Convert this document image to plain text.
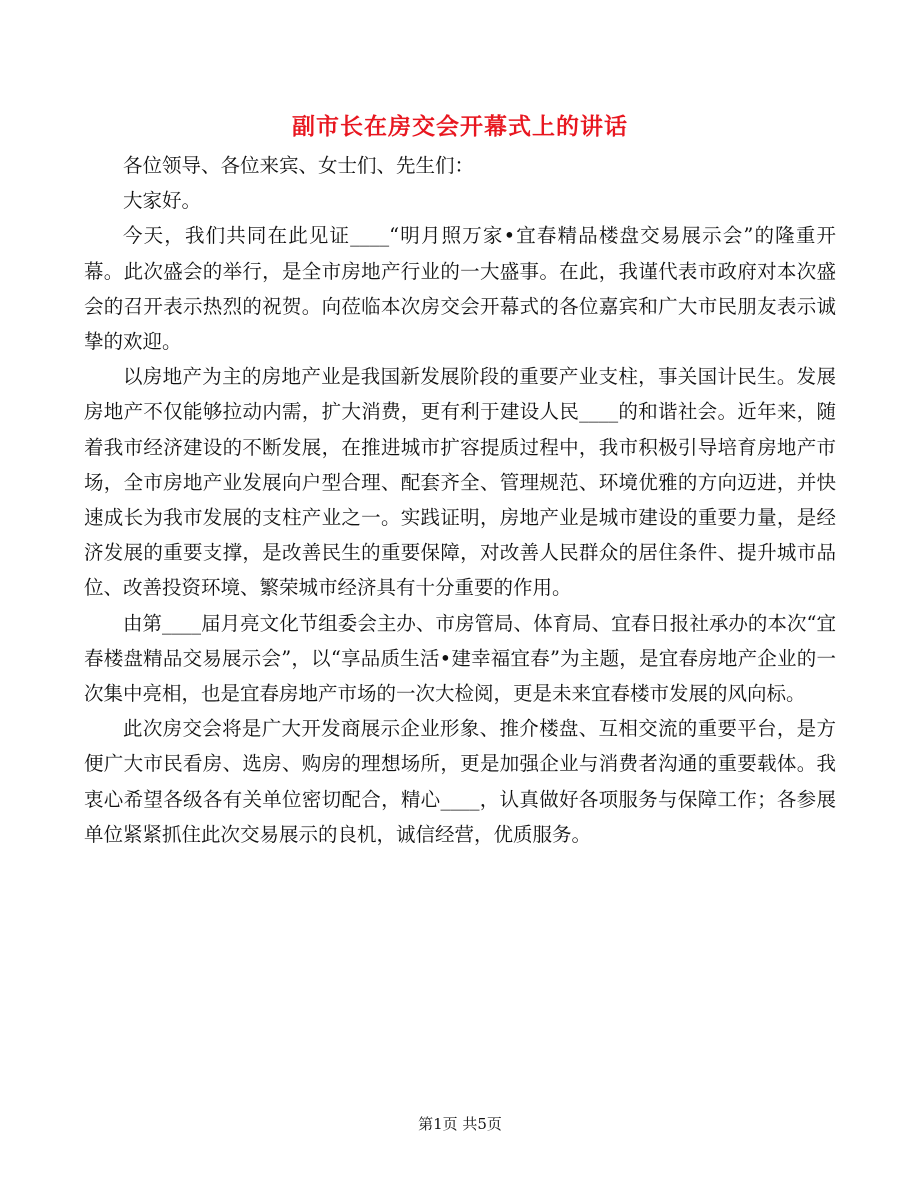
副市长在房交会开幕式上的讲话

各位领导、各位来宾、女士们、先生们：

大家好。

今天，我们共同在此见证____“明月照万家•宜春精品楼盘交易展示会”的隆重开幕。此次盛会的举行，是全市房地产行业的一大盛事。在此，我谨代表市政府对本次盛会的召开表示热烈的祝贺。向莅临本次房交会开幕式的各位嘉宾和广大市民朋友表示诚挚的欢迎。

以房地产为主的房地产业是我国新发展阶段的重要产业支柱，事关国计民生。发展房地产不仅能够拉动内需，扩大消费，更有利于建设人民____的和谐社会。近年来，随着我市经济建设的不断发展，在推进城市扩容提质过程中，我市积极引导培育房地产市场，全市房地产业发展向户型合理、配套齐全、管理规范、环境优雅的方向迈进，并快速成长为我市发展的支柱产业之一。实践证明，房地产业是城市建设的重要力量，是经济发展的重要支撑，是改善民生的重要保障，对改善人民群众的居住条件、提升城市品位、改善投资环境、繁荣城市经济具有十分重要的作用。

由第____届月亮文化节组委会主办、市房管局、体育局、宜春日报社承办的本次“宜春楼盘精品交易展示会”，以“享品质生活•建幸福宜春”为主题，是宜春房地产企业的一次集中亮相，也是宜春房地产市场的一次大检阅，更是未来宜春楼市发展的风向标。

此次房交会将是广大开发商展示企业形象、推介楼盘、互相交流的重要平台，是方便广大市民看房、选房、购房的理想场所，更是加强企业与消费者沟通的重要载体。我衷心希望各级各有关单位密切配合，精心____，认真做好各项服务与保障工作；各参展单位紧紧抓住此次交易展示的良机，诚信经营，优质服务。

第1页 共5页
